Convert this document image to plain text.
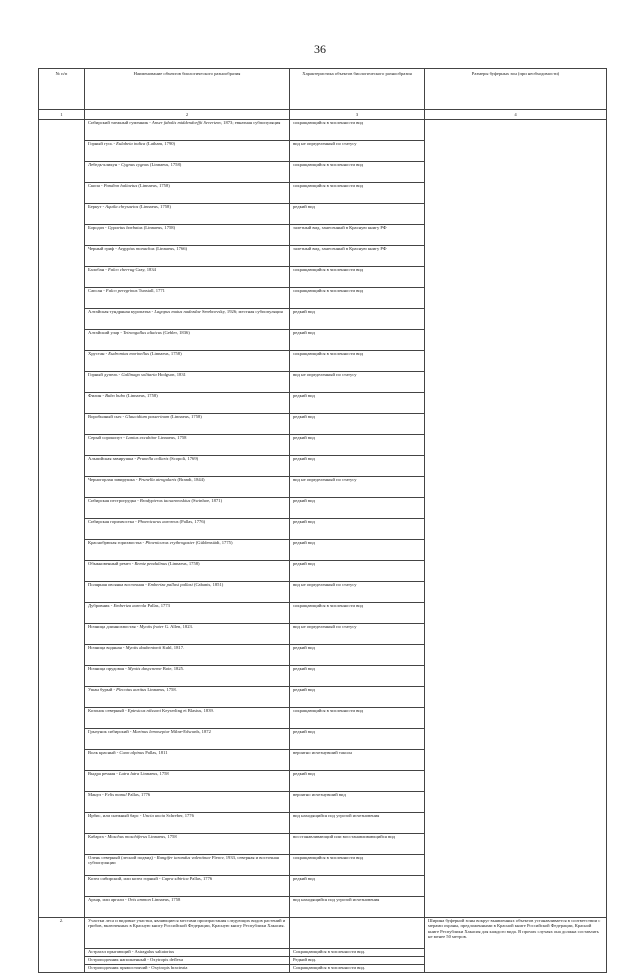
36
№ п/п	Наименование объектов биологического разнообразия	Характеристика объектов биологического разнообразия	Размеры буферных зон (при необходимости)
1	2	3	4
	Сибирский таежный гуменник - Anser fabalis middendorffii Severtzov, 1873; евнатная субпопуляция	сокращающийся в численности вид	
	Горный гусь - Eulabeia indica (Latham, 1790)	вид не определенный по статусу	
	Лебедь-кликун - Cygnus cygnus (Linnaeus, 1758)	сокращающийся в численности вид	
	Скопа - Pandion haliaetus (Linnaeus, 1758)	сокращающийся в численности вид	
	Беркут - Aquila chrysaetos (Linnaeus, 1758)	редкий вид	
	Бородач - Gypaetus barbatus (Linnaeus, 1758)	залетный вид, занесенный в Красную книгу РФ	
	Черный гриф - Aegypius monachus (Linnaeus, 1766)	залетный вид, занесенный в Красную книгу РФ	
	Балобан - Falco cherrug Gray, 1834	сокращающийся в численности вид	
	Сапсан - Falco peregrinus Tunstall, 1771	сокращающийся в численности вид	
	Алтайская тундряная куропатка - Lagopus mutus nadezdae Serebrovsky, 1926; местная субпопуляция	редкий вид	
	Алтайский улар - Tetraogallus altaicus (Gebler, 1836)	редкий вид	
	Хрустан - Eudromias morinellus (Linnaeus, 1758)	сокращающийся в численности вид	
	Горный дупель - Gallinago solitaria Hodgson, 1831	вид не определенный по статусу	
	Филин - Bubo bubo (Linnaeus, 1758)	редкий вид	
	Воробьиный сыч - Glaucidium passerinum (Linnaeus, 1758)	редкий вид	
	Серый сорокопут - Lanius excubitor Linnaeus, 1758	редкий вид	
	Альпийская завирушка - Prunella collaris (Scopoli, 1769)	редкий вид	
	Черногорлая завирушка - Prunella atrogularis (Brandt, 1844)	вид не определенный по статусу	
	Сибирская пестрогрудка - Bradypterus tacsanowskius (Swinhoe, 1871)	редкий вид	
	Сибирская горихвостка - Phoenicurus auroreus (Pallas, 1776)	редкий вид	
	Краснобрюхая горихвостка - Phoenicurus erythrogaster (Güldenstädt, 1775)	редкий вид	
	Обыкновенный ремез - Remiz pendulinus (Linnaeus, 1758)	редкий вид	
	Полярная овсянка восточная - Emberiza pallasi pallasi (Cabanis, 1851)	вид не определенный по статусу	
	Дубровник - Emberiza aureola Pallas, 1773	сокращающийся в численности вид	
	Ночница длиннохвостая - Myotis frater G. Allen, 1823.	вид не определенный по статусу	
	Ночница водяная - Myotis daubentonii Kuhl, 1817.	редкий вид	
	Ночница прудовая - Myotis dasycneme Boie, 1825.	редкий вид	
	Ушан бурый - Plecotus auritus Linnaeus, 1758.	редкий вид	
	Козонок северный - Eptesicus nilssoni Keyserling et Blasius, 1839.	сокращающийся в численности вид	
	Грызунок сибирский - Marinus lemosepiur Milne-Edwards, 1872	редкий вид	
	Волк красный - Cuon alpinus Pallas, 1811	вероятно исчезнувший таксон	
	Выдра речная - Lutra lutra Linnaeus, 1758	редкий вид	
	Манул - Felis manul Pallas, 1776	вероятно исчезнувший вид	
	Ирбис, или снежный барс - Uncia uncia Schreber, 1776	вид находящийся под угрозой исчезновения	
	Кабарга - Moschus moschiferus Linnaeus, 1758	восстанавливающий или восстанавливающийся вид	
	Олень северный (лесной подвид) - Rangifer tarandus valentinae Flerov, 1933, северная и восточная субпопуляции	сокращающийся в численности вид	
	Козел сибирский, или козел горный - Capra sibirica Pallas, 1776	редкий вид	
	Архар, или аргали - Ovis ammon Linnaeus, 1758	вид находящийся под угрозой исчезновения	
2.	Участки леса и видовые участки, являющиеся местами произрастания следующих видов растений и грибов, включенных в Красную книгу Российской Федерации, Красную книгу Республики Хакасия.		Ширина буферной зоны вокруг выявленных объектов устанавливается в соответствии с мерами охраны, предложенными в Красной книге Российской Федерации, Красной книге Республики Хакасия для каждого вида. В прочих случаях она должна составлять не менее 50 метров.
	Астрагал прыгающий - Astragalus saltatorius	Сокращающийся в численности вид.	
	Остроподочник наполненный - Oxytropis deflexa	Редкий вид.	
	Остроподочник прямостоячий - Oxytropis bracteata	Сокращающийся в численности вид.	
